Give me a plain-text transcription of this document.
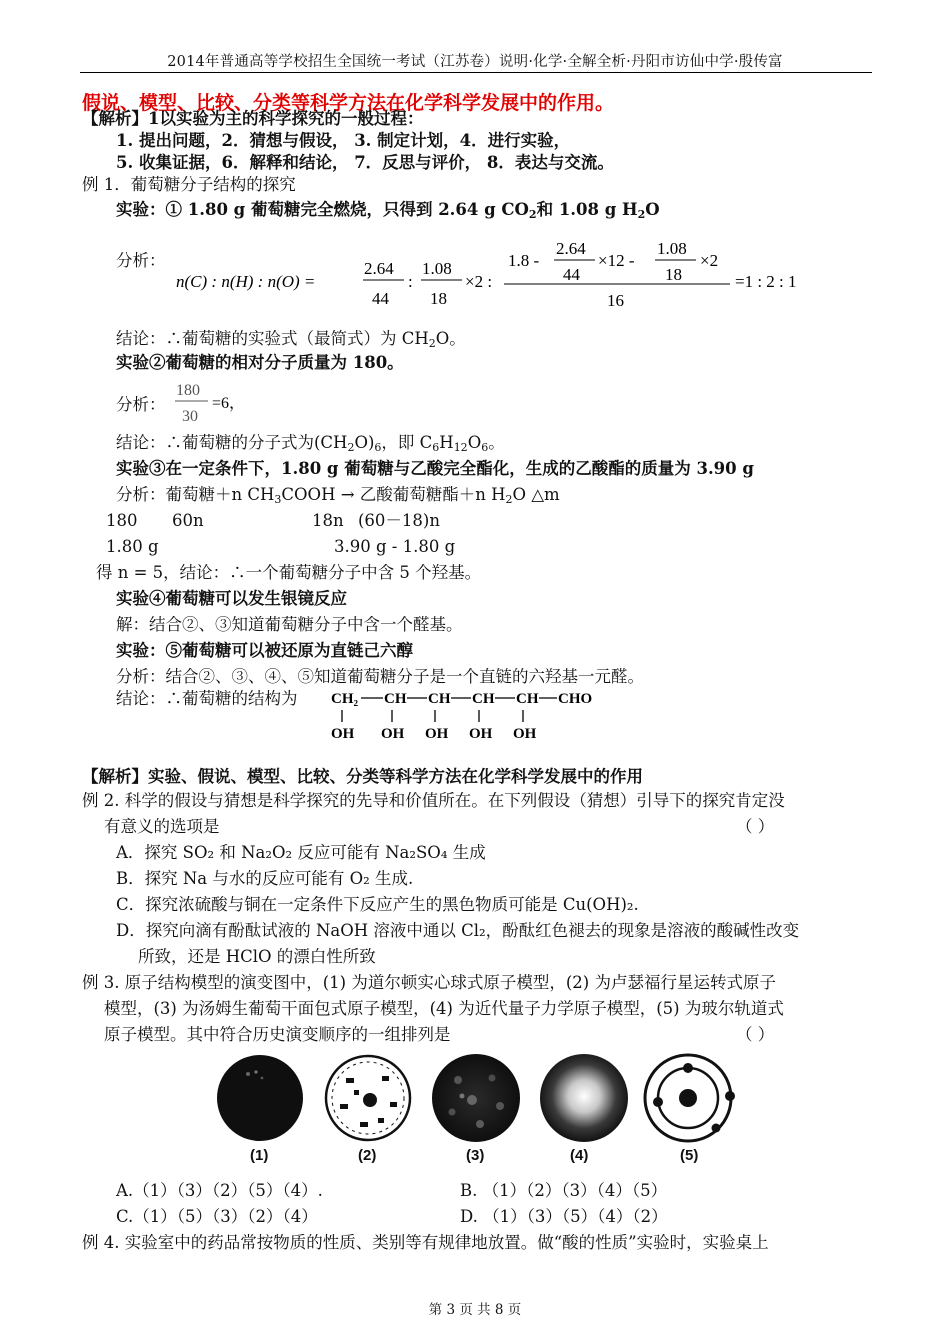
2014年普通高等学校招生全国统一考试（江苏卷）说明·化学·全解全析·丹阳市访仙中学·殷传富
假说、模型、比较、分类等科学方法在化学科学发展中的作用。
【解析】1以实验为主的科学探究的一般过程：
1. 提出问题，2．猜想与假设， 3. 制定计划，4．进行实验，
5. 收集证据，6．解释和结论， 7．反思与评价， 8．表达与交流。
例 1．葡萄糖分子结构的探究
实验：① 1.80 g 葡萄糖完全燃烧，只得到 2.64 g $CO_2$和 1.08 g $H_2O$
分析：
n(C) : n(H) : n(O) =
2.64
44
:
1.08
18
×2 :
1.8 -
2.64
44
×12 -
1.08
18
×2
16
=1 : 2 : 1
结论：∴葡萄糖的实验式（最简式）为 $CH_2O$。
实验②葡萄糖的相对分子质量为 180。
分析：
180
30
=6，
结论：∴葡萄糖的分子式为$(CH_2O)_6$，即 $C_6H_{12}O_6$。
实验③在一定条件下，1.80 g 葡萄糖与乙酸完全酯化，生成的乙酸酯的质量为 3.90 g
分析：葡萄糖＋n $CH_3COOH$ → 乙酸葡萄糖酯＋n $H_2O$ △m
180 60n	18n (60－18)n
1.80 g	3.90 g - 1.80 g
得 n = 5，结论：∴一个葡萄糖分子中含 5 个羟基。
实验④葡萄糖可以发生银镜反应
解：结合②、③知道葡萄糖分子中含一个醛基。
实验：⑤葡萄糖可以被还原为直链己六醇
分析：结合②、③、④、⑤知道葡萄糖分子是一个直链的六羟基一元醛。
结论：∴葡萄糖的结构为 CH₂ CH CH CH CH CHO
OH OH OH OH OH
【解析】实验、假说、模型、比较、分类等科学方法在化学科学发展中的作用
例 2. 科学的假设与猜想是科学探究的先导和价值所在。在下列假设（猜想）引导下的探究肯定没
有意义的选项是	（ ）
A．探究 SO₂ 和 Na₂O₂ 反应可能有 Na₂SO₄ 生成
B．探究 Na 与水的反应可能有 O₂ 生成.
C．探究浓硫酸与铜在一定条件下反应产生的黑色物质可能是 Cu(OH)₂.
D．探究向滴有酚酞试液的 NaOH 溶液中通以 Cl₂，酚酞红色褪去的现象是溶液的酸碱性改变
所致，还是 HClO 的漂白性所致
例 3. 原子结构模型的演变图中，(1) 为道尔顿实心球式原子模型，(2) 为卢瑟福行星运转式原子
模型，(3) 为汤姆生葡萄干面包式原子模型，(4) 为近代量子力学原子模型，(5) 为玻尔轨道式
原子模型。其中符合历史演变顺序的一组排列是	（ ）
(1)	(2)	(3)	(4)	(5)
A.（1）（3）（2）（5）（4）.	B. （1）（2）（3）（4）（5）
C.（1）（5）（3）（2）（4）	D. （1）（3）（5）（4）（2）
例 4. 实验室中的药品常按物质的性质、类别等有规律地放置。做“酸的性质”实验时，实验桌上
第 3 页 共 8 页
